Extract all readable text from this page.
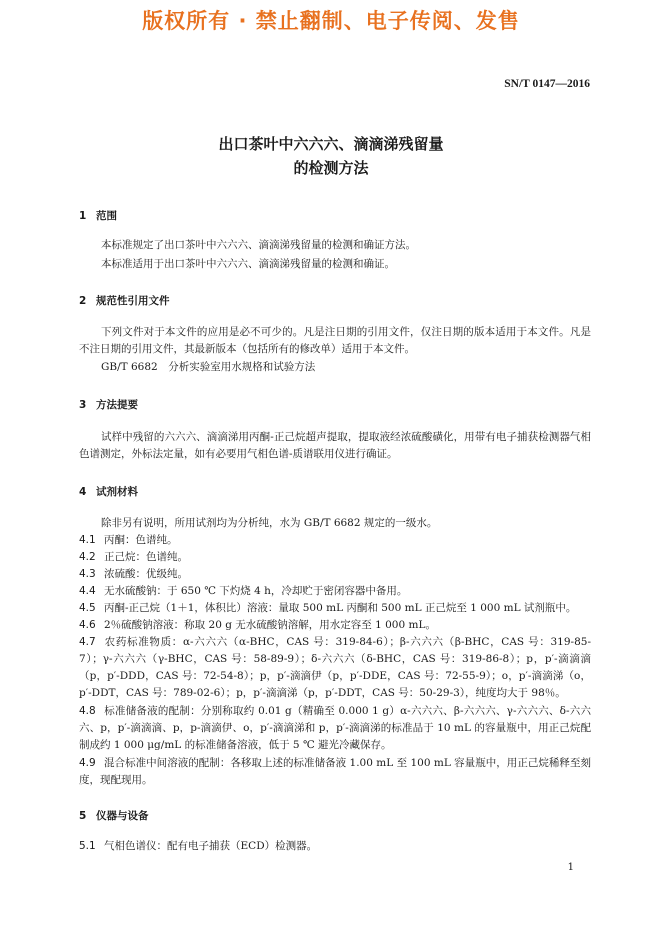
版权所有 · 禁止翻制、电子传阅、发售
SN/T 0147—2016
出口茶叶中六六六、滴滴涕残留量
的检测方法
1 范围
本标准规定了出口茶叶中六六六、滴滴涕残留量的检测和确证方法。
本标准适用于出口茶叶中六六六、滴滴涕残留量的检测和确证。
2 规范性引用文件
下列文件对于本文件的应用是必不可少的。凡是注日期的引用文件，仅注日期的版本适用于本文件。凡是不注日期的引用文件，其最新版本（包括所有的修改单）适用于本文件。
GB/T 6682　分析实验室用水规格和试验方法
3 方法提要
试样中残留的六六六、滴滴涕用丙酮-正己烷超声提取，提取液经浓硫酸磺化，用带有电子捕获检测器气相色谱测定，外标法定量，如有必要用气相色谱-质谱联用仪进行确证。
4 试剂材料
除非另有说明，所用试剂均为分析纯，水为 GB/T 6682 规定的一级水。
4.1 丙酮：色谱纯。
4.2 正己烷：色谱纯。
4.3 浓硫酸：优级纯。
4.4 无水硫酸钠：于 650 ℃ 下灼烧 4 h，冷却贮于密闭容器中备用。
4.5 丙酮-正己烷（1＋1，体积比）溶液：量取 500 mL 丙酮和 500 mL 正己烷至 1 000 mL 试剂瓶中。
4.6 2％硫酸钠溶液：称取 20 g 无水硫酸钠溶解，用水定容至 1 000 mL。
4.7 农药标准物质：α-六六六（α-BHC，CAS 号：319-84-6）；β-六六六（β-BHC，CAS 号：319-85-7）；γ-六六六（γ-BHC，CAS 号：58-89-9）；δ-六六六（δ-BHC，CAS 号：319-86-8）；p，p′-滴滴滴（p，p′-DDD，CAS 号：72-54-8）；p，p′-滴滴伊（p，p′-DDE，CAS 号：72-55-9）；o，p′-滴滴涕（o，p′-DDT，CAS 号：789-02-6）；p，p′-滴滴涕（p，p′-DDT，CAS 号：50-29-3），纯度均大于 98％。
4.8 标准储备液的配制：分别称取约 0.01 g（精确至 0.000 1 g）α-六六六、β-六六六、γ-六六六、δ-六六六、p，p′-滴滴滴、p，p-滴滴伊、o，p′-滴滴涕和 p，p′-滴滴涕的标准品于 10 mL 的容量瓶中，用正己烷配制成约 1 000 μg/mL 的标准储备溶液，低于 5 ℃ 避光冷藏保存。
4.9 混合标准中间溶液的配制：各移取上述的标准储备液 1.00 mL 至 100 mL 容量瓶中，用正己烷稀释至刻度，现配现用。
5 仪器与设备
5.1 气相色谱仪：配有电子捕获（ECD）检测器。
1
